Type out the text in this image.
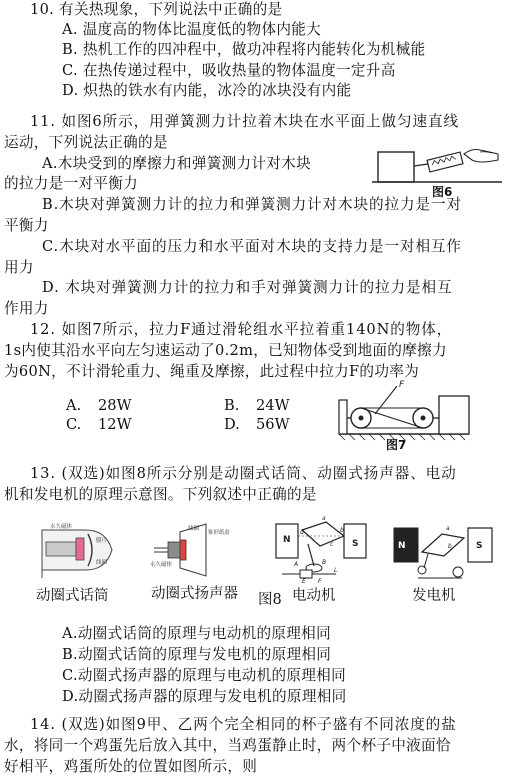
10. 有关热现象，下列说法中正确的是
A. 温度高的物体比温度低的物体内能大
B. 热机工作的四冲程中，做功冲程将内能转化为机械能
C. 在热传递过程中，吸收热量的物体温度一定升高
D. 炽热的铁水有内能，冰冷的冰块没有内能
11. 如图6所示，用弹簧测力计拉着木块在水平面上做匀速直线
运动，下列说法正确的是
A.木块受到的摩擦力和弹簧测力计对木块
的拉力是一对平衡力
B.木块对弹簧测力计的拉力和弹簧测力计对木块的拉力是一对
平衡力
C.木块对水平面的压力和水平面对木块的支持力是一对相互作
用力
D. 木块对弹簧测力计的拉力和手对弹簧测力计的拉力是相互
作用力
图6
12. 如图7所示，拉力F通过滑轮组水平拉着重140N的物体，
1s内使其沿水平向左匀速运动了0.2m，已知物体受到地面的摩擦力
为60N，不计滑轮重力、绳重及摩擦，此过程中拉力F的功率为
A. 28W	B. 24W
C. 12W	D. 56W
F
图7
13. (双选)如图8所示分别是动圈式话筒、动圈式扬声器、电动
机和发电机的原理示意图。下列叙述中正确的是
永久磁体
膜片
线圈
线圈
锥形纸盆
永久磁体
N	S
a
b
c
d
A	B
E F
L
N	S
a
b
动圈式话筒	动圈式扬声器 图8 电动机	发电机
A.动圈式话筒的原理与电动机的原理相同
B.动圈式话筒的原理与发电机的原理相同
C.动圈式扬声器的原理与电动机的原理相同
D.动圈式扬声器的原理与发电机的原理相同
14. (双选)如图9甲、乙两个完全相同的杯子盛有不同浓度的盐
水，将同一个鸡蛋先后放入其中，当鸡蛋静止时，两个杯子中液面恰
好相平，鸡蛋所处的位置如图所示，则
